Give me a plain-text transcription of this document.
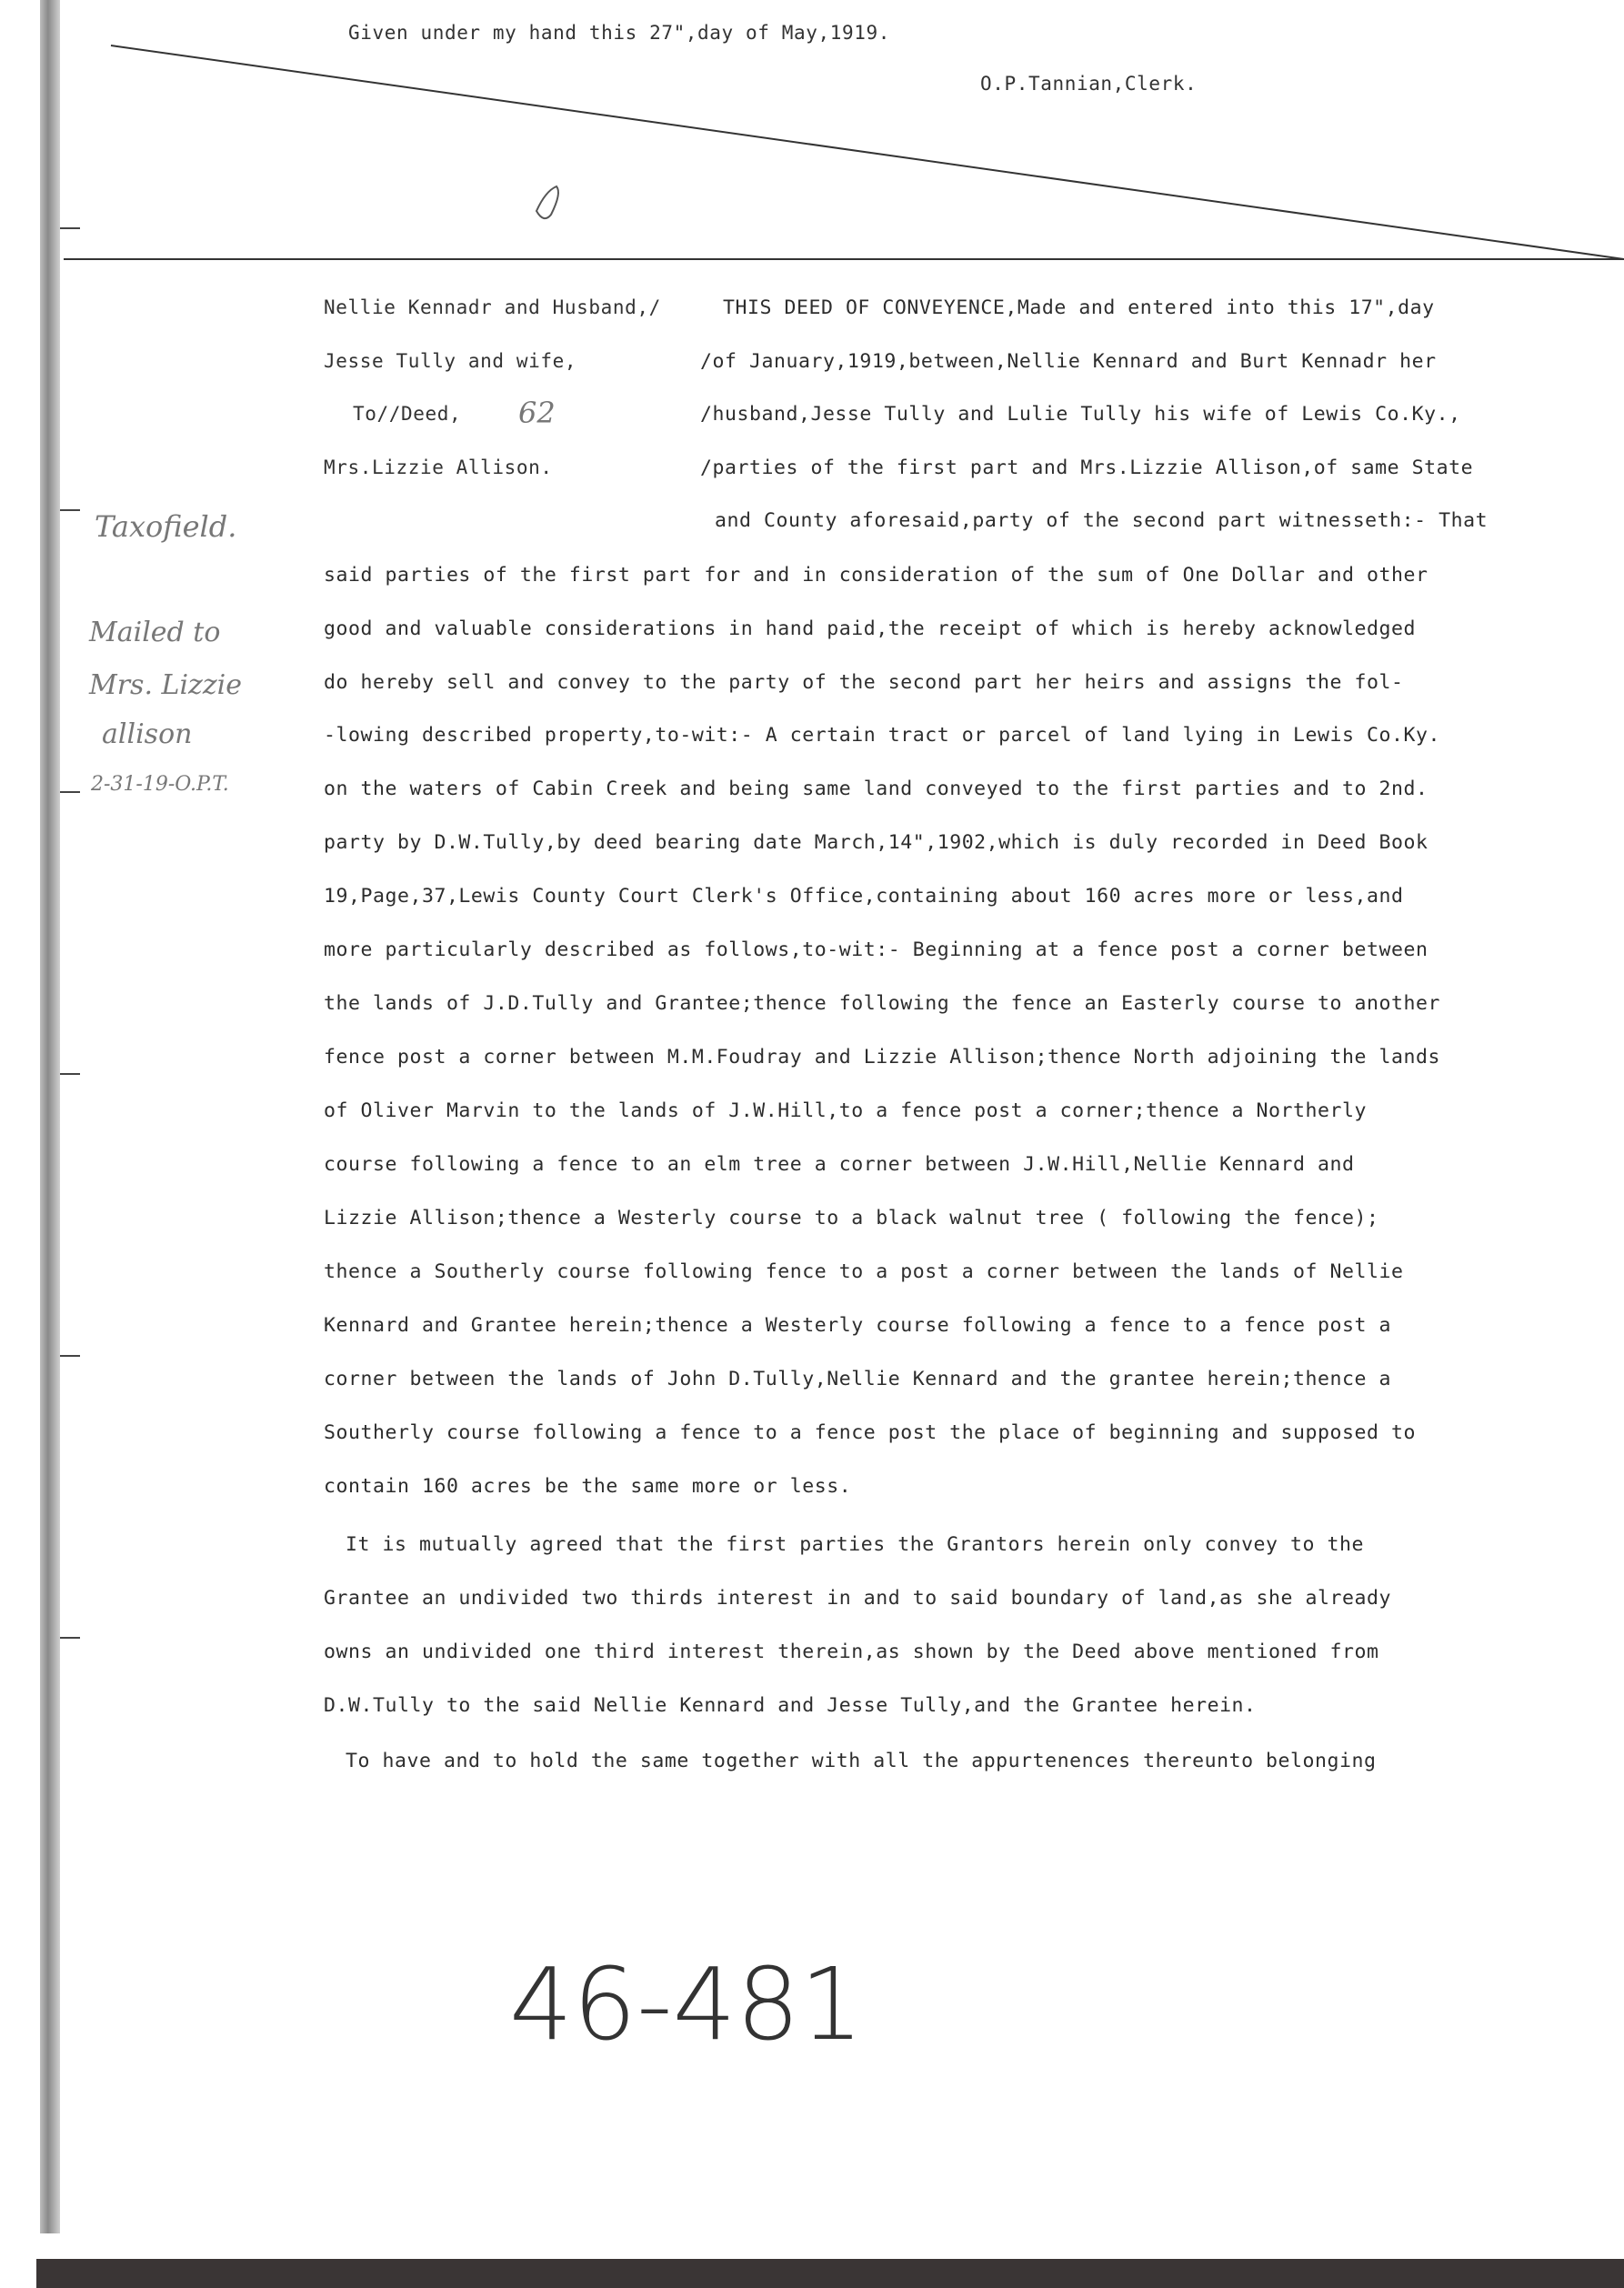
Given under my hand this 27",day of May,1919.
O.P.Tannian,Clerk.
Nellie Kennadr and Husband,/
Jesse Tully and wife,
To//Deed, 62
Mrs.Lizzie Allison.
Taxofield.
Mailed to
Mrs. Lizzie
allison
2-31-19-O.P.T.
THIS DEED OF CONVEYENCE,Made and entered into this 17",day
/of January,1919,between,Nellie Kennard and Burt Kennadr her
/husband,Jesse Tully and Lulie Tully his wife of Lewis Co.Ky.,
/parties of the first part and Mrs.Lizzie Allison,of same State
and County aforesaid,party of the second part witnesseth:- That
said parties of the first part for and in consideration of the sum of One Dollar and other
good and valuable considerations in hand paid,the receipt of which is hereby acknowledged
do hereby sell and convey to the party of the second part her heirs and assigns the fol-
-lowing described property,to-wit:- A certain tract or parcel of land lying in Lewis Co.Ky.
on the waters of Cabin Creek and being same land conveyed to the first parties and to 2nd.
party by D.W.Tully,by deed bearing date March,14",1902,which is duly recorded in Deed Book
19,Page,37,Lewis County Court Clerk's Office,containing about 160 acres more or less,and
more particularly described as follows,to-wit:- Beginning at a fence post a corner between
the lands of J.D.Tully and Grantee;thence following the fence an Easterly course to another
fence post a corner between M.M.Foudray and Lizzie Allison;thence North adjoining the lands
of Oliver Marvin to the lands of J.W.Hill,to a fence post a corner;thence a Northerly
course following a fence to an elm tree a corner between J.W.Hill,Nellie Kennard and
Lizzie Allison;thence a Westerly course to a black walnut tree ( following the fence);
thence a Southerly course following fence to a post a corner between the lands of Nellie
Kennard and Grantee herein;thence a Westerly course following a fence to a fence post a
corner between the lands of John D.Tully,Nellie Kennard and the grantee herein;thence a
Southerly course following a fence to a fence post the place of beginning and supposed to
contain 160 acres be the same more or less.
It is mutually agreed that the first parties the Grantors herein only convey to the
Grantee an undivided two thirds interest in and to said boundary of land,as she already
owns an undivided one third interest therein,as shown by the Deed above mentioned from
D.W.Tully to the said Nellie Kennard and Jesse Tully,and the Grantee herein.
To have and to hold the same together with all the appurtenences thereunto belonging
46-481
